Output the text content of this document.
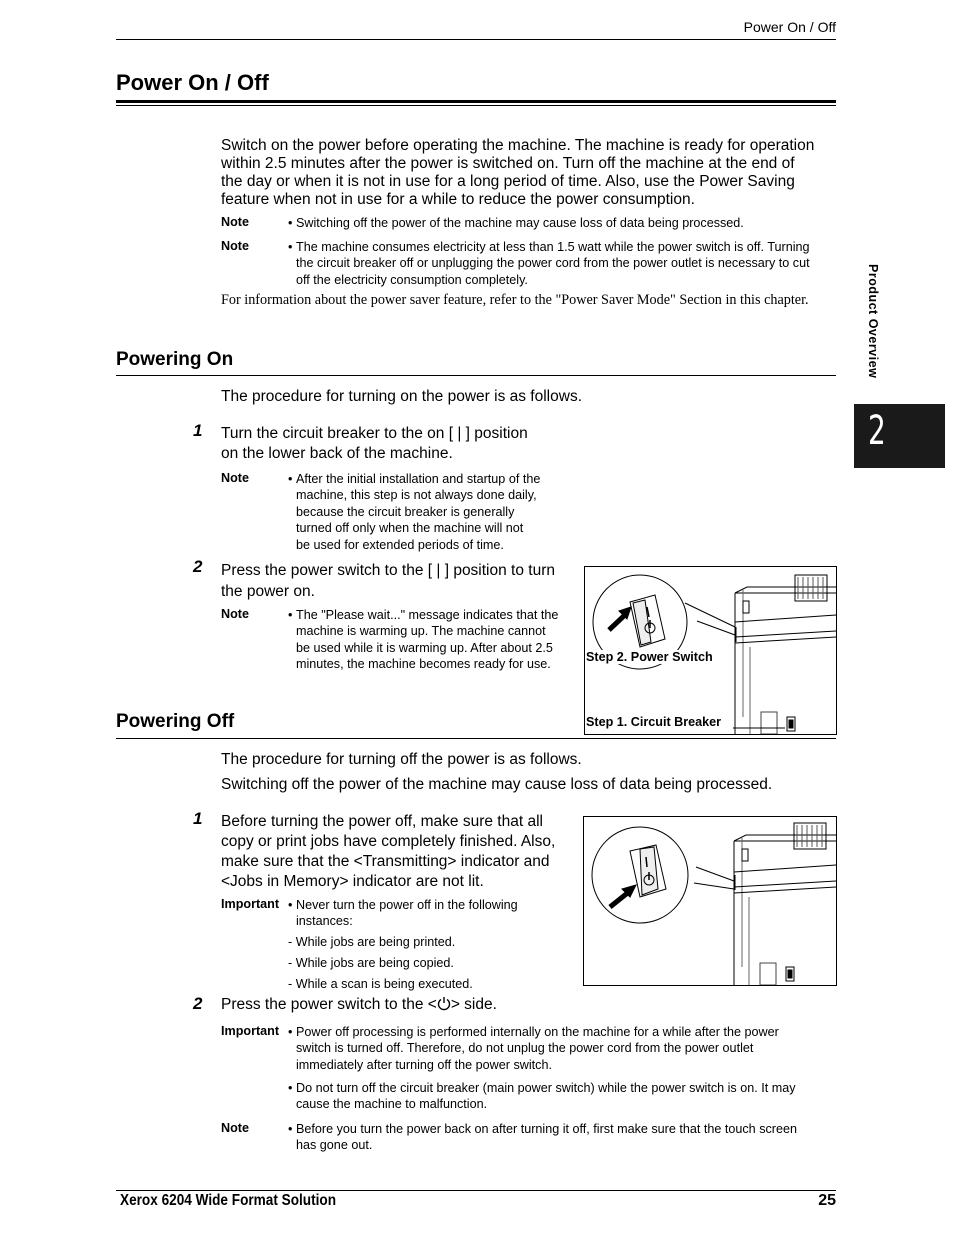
Power On / Off
Power On / Off
Product Overview
2
Switch on the power before operating the machine. The machine is ready for operation
within 2.5 minutes after the power is switched on. Turn off the machine at the end of
the day or when it is not in use for a long period of time. Also, use the Power Saving
feature when not in use for a while to reduce the power consumption.
Note	• Switching off the power of the machine may cause loss of data being processed.
Note	• The machine consumes electricity at less than 1.5 watt while the power switch is off. Turning
the circuit breaker off or unplugging the power cord from the power outlet is necessary to cut
off the electricity consumption completely.
For information about the power saver feature, refer to the "Power Saver Mode" Section in this chapter.
Powering On
The procedure for turning on the power is as follows.
1 Turn the circuit breaker to the on [ | ] position
on the lower back of the machine.
Note	• After the initial installation and startup of the
machine, this step is not always done daily,
because the circuit breaker is generally
turned off only when the machine will not
be used for extended periods of time.
2 Press the power switch to the [ | ] position to turn
the power on.
Note	• The "Please wait..." message indicates that the
machine is warming up. The machine cannot
be used while it is warming up. After about 2.5
minutes, the machine becomes ready for use.
Step 2. Power Switch
Step 1. Circuit Breaker
Powering Off
The procedure for turning off the power is as follows.
Switching off the power of the machine may cause loss of data being processed.
1 Before turning the power off, make sure that all
copy or print jobs have completely finished. Also,
make sure that the <Transmitting> indicator and
<Jobs in Memory> indicator are not lit.
Important • Never turn the power off in the following
instances:
- While jobs are being printed.
- While jobs are being copied.
- While a scan is being executed.
2 Press the power switch to the < > side.
Important • Power off processing is performed internally on the machine for a while after the power
switch is turned off. Therefore, do not unplug the power cord from the power outlet
immediately after turning off the power switch.
• Do not turn off the circuit breaker (main power switch) while the power switch is on. It may
cause the machine to malfunction.
Note	• Before you turn the power back on after turning it off, first make sure that the touch screen
has gone out.
Xerox 6204 Wide Format Solution	25
